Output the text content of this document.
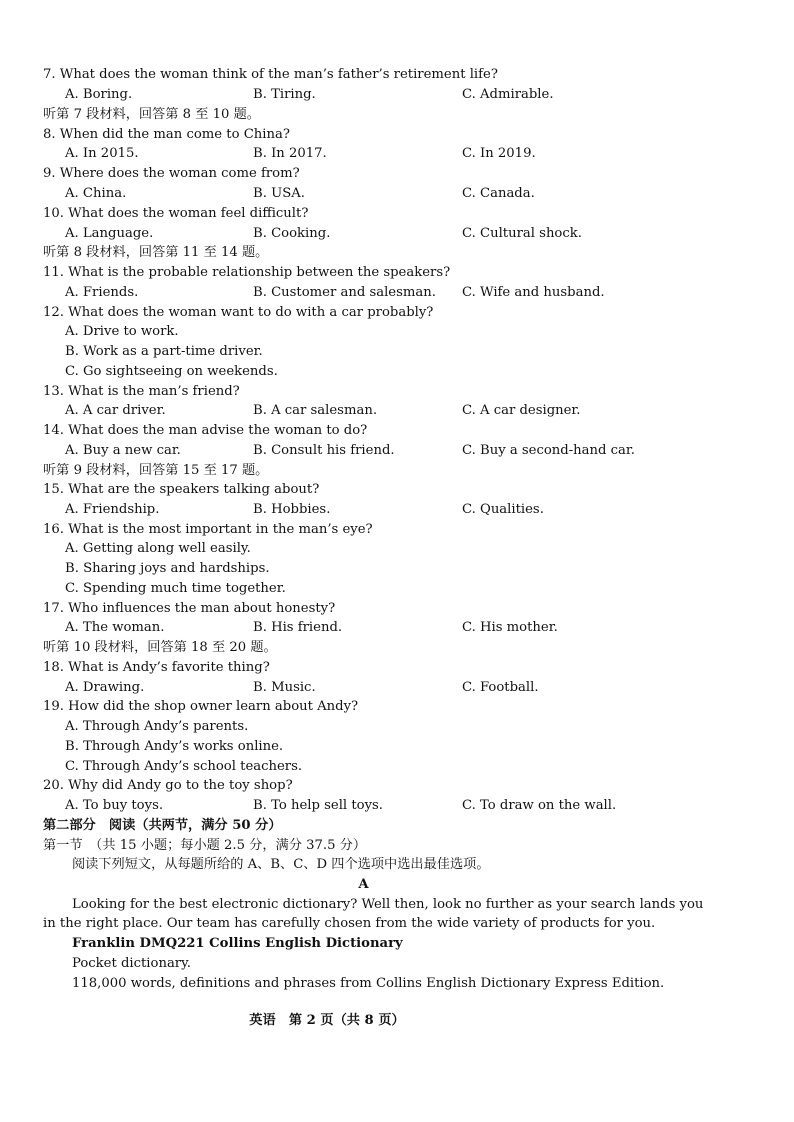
7. What does the woman think of the man’s father’s retirement life?
A. Boring.	B. Tiring.	C. Admirable.
听第 7 段材料，回答第 8 至 10 题。
8. When did the man come to China?
A. In 2015.	B. In 2017.	C. In 2019.
9. Where does the woman come from?
A. China.	B. USA.	C. Canada.
10. What does the woman feel difficult?
A. Language.	B. Cooking.	C. Cultural shock.
听第 8 段材料，回答第 11 至 14 题。
11. What is the probable relationship between the speakers?
A. Friends.	B. Customer and salesman. C. Wife and husband.
12. What does the woman want to do with a car probably?
A. Drive to work.
B. Work as a part-time driver.
C. Go sightseeing on weekends.
13. What is the man’s friend?
A. A car driver.	B. A car salesman.	C. A car designer.
14. What does the man advise the woman to do?
A. Buy a new car.	B. Consult his friend.	C. Buy a second-hand car.
听第 9 段材料，回答第 15 至 17 题。
15. What are the speakers talking about?
A. Friendship.	B. Hobbies.	C. Qualities.
16. What is the most important in the man’s eye?
A. Getting along well easily.
B. Sharing joys and hardships.
C. Spending much time together.
17. Who influences the man about honesty?
A. The woman.	B. His friend.	C. His mother.
听第 10 段材料，回答第 18 至 20 题。
18. What is Andy’s favorite thing?
A. Drawing.	B. Music.	C. Football.
19. How did the shop owner learn about Andy?
A. Through Andy’s parents.
B. Through Andy’s works online.
C. Through Andy’s school teachers.
20. Why did Andy go to the toy shop?
A. To buy toys.	B. To help sell toys.	C. To draw on the wall.
第二部分　阅读（共两节，满分 50 分）
第一节　（共 15 小题；每小题 2.5 分，满分 37.5 分）
阅读下列短文，从每题所给的 A、B、C、D 四个选项中选出最佳选项。
A
Looking for the best electronic dictionary? Well then, look no further as your search lands you
in the right place. Our team has carefully chosen from the wide variety of products for you.
Franklin DMQ221 Collins English Dictionary
Pocket dictionary.
118,000 words, definitions and phrases from Collins English Dictionary Express Edition.
英语　第 2 页（共 8 页）
